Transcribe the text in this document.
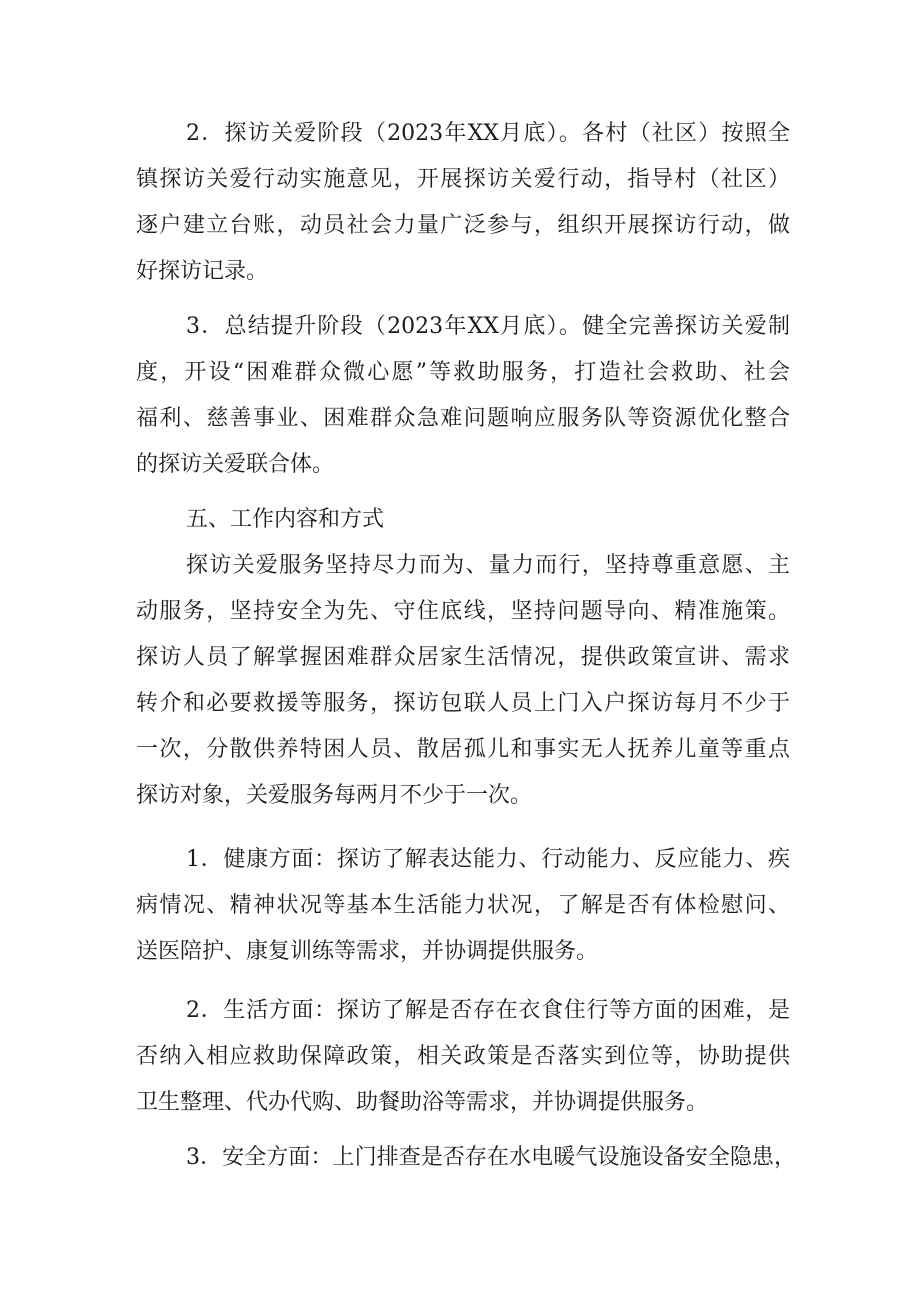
2．探访关爱阶段（2023年XX月底）。各村（社区）按照全
镇探访关爱行动实施意见，开展探访关爱行动，指导村（社区）
逐户建立台账，动员社会力量广泛参与，组织开展探访行动，做
好探访记录。
3．总结提升阶段（2023年XX月底）。健全完善探访关爱制
度，开设“困难群众微心愿”等救助服务，打造社会救助、社会
福利、慈善事业、困难群众急难问题响应服务队等资源优化整合
的探访关爱联合体。
五、工作内容和方式
探访关爱服务坚持尽力而为、量力而行，坚持尊重意愿、主
动服务，坚持安全为先、守住底线，坚持问题导向、精准施策。
探访人员了解掌握困难群众居家生活情况，提供政策宣讲、需求
转介和必要救援等服务，探访包联人员上门入户探访每月不少于
一次，分散供养特困人员、散居孤儿和事实无人抚养儿童等重点
探访对象，关爱服务每两月不少于一次。
1．健康方面：探访了解表达能力、行动能力、反应能力、疾
病情况、精神状况等基本生活能力状况，了解是否有体检慰问、
送医陪护、康复训练等需求，并协调提供服务。
2．生活方面：探访了解是否存在衣食住行等方面的困难，是
否纳入相应救助保障政策，相关政策是否落实到位等，协助提供
卫生整理、代办代购、助餐助浴等需求，并协调提供服务。
3．安全方面：上门排查是否存在水电暖气设施设备安全隐患，
